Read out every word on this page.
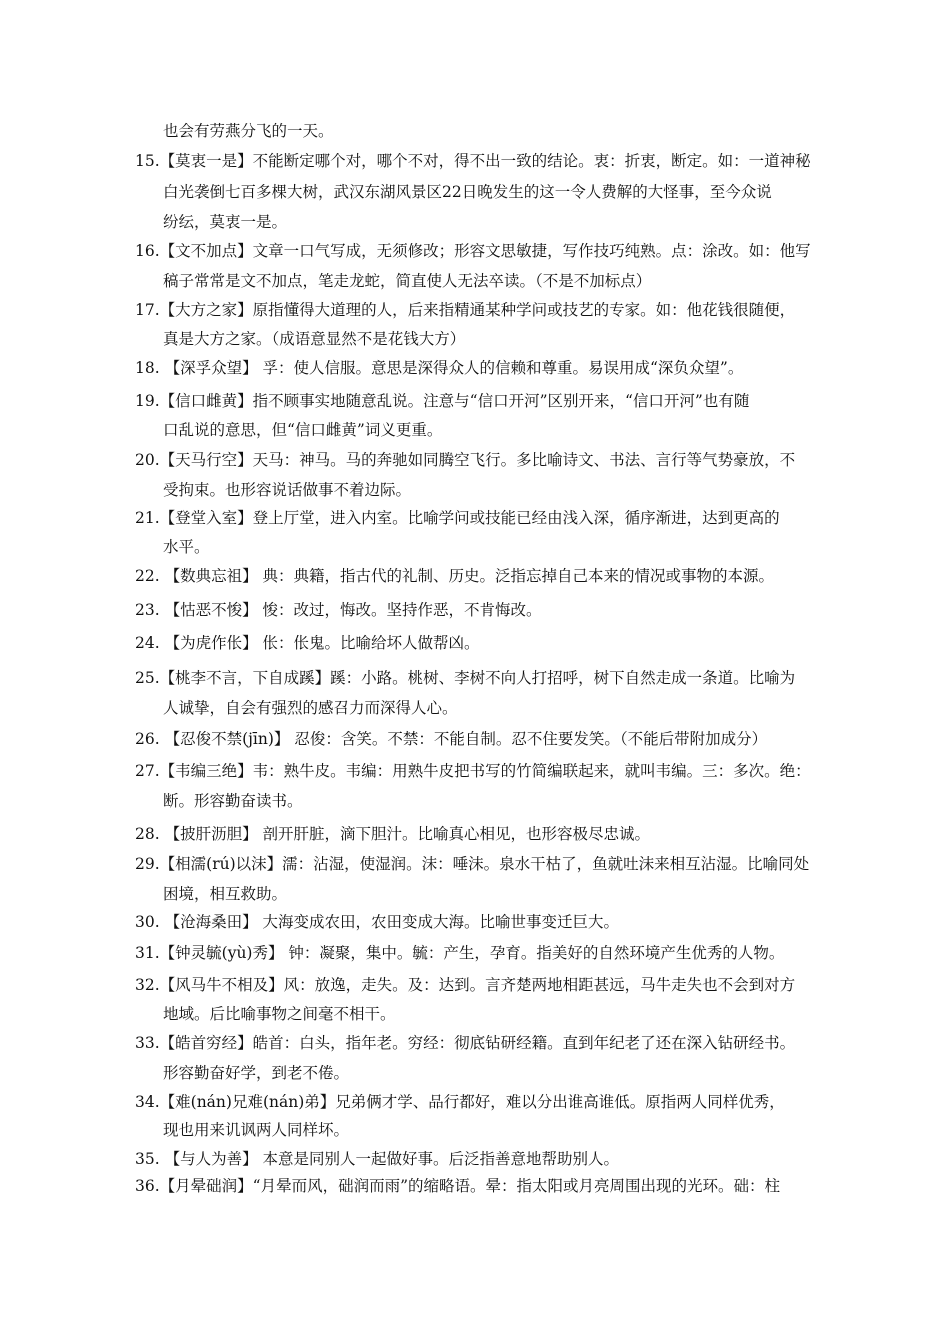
也会有劳燕分飞的一天。
15.【莫衷一是】不能断定哪个对，哪个不对，得不出一致的结论。衷：折衷，断定。如：一道神秘
白光袭倒七百多棵大树，武汉东湖风景区22日晚发生的这一令人费解的大怪事，至今众说
纷纭，莫衷一是。
16.【文不加点】文章一口气写成，无须修改；形容文思敏捷，写作技巧纯熟。点：涂改。如：他写
稿子常常是文不加点，笔走龙蛇，简直使人无法卒读。（不是不加标点）
17.【大方之家】原指懂得大道理的人，后来指精通某种学问或技艺的专家。如：他花钱很随便，
真是大方之家。（成语意显然不是花钱大方）
18. 【深孚众望】 孚：使人信服。意思是深得众人的信赖和尊重。易误用成“深负众望”。
19.【信口雌黄】指不顾事实地随意乱说。注意与“信口开河”区别开来，“信口开河”也有随
口乱说的意思，但“信口雌黄”词义更重。
20.【天马行空】天马：神马。马的奔驰如同腾空飞行。多比喻诗文、书法、言行等气势豪放，不
受拘束。也形容说话做事不着边际。
21.【登堂入室】登上厅堂，进入内室。比喻学问或技能已经由浅入深，循序渐进，达到更高的
水平。
22. 【数典忘祖】 典：典籍，指古代的礼制、历史。泛指忘掉自己本来的情况或事物的本源。
23. 【怙恶不悛】 悛：改过，悔改。坚持作恶，不肯悔改。
24. 【为虎作伥】 伥：伥鬼。比喻给坏人做帮凶。
25.【桃李不言，下自成蹊】蹊：小路。桃树、李树不向人打招呼，树下自然走成一条道。比喻为
人诚挚，自会有强烈的感召力而深得人心。
26. 【忍俊不禁(jīn)】 忍俊：含笑。不禁：不能自制。忍不住要发笑。（不能后带附加成分）
27.【韦编三绝】韦：熟牛皮。韦编：用熟牛皮把书写的竹简编联起来，就叫韦编。三：多次。绝：
断。形容勤奋读书。
28. 【披肝沥胆】 剖开肝脏，滴下胆汁。比喻真心相见，也形容极尽忠诚。
29.【相濡(rú)以沫】濡：沾湿，使湿润。沫：唾沫。泉水干枯了，鱼就吐沫来相互沾湿。比喻同处
困境，相互救助。
30. 【沧海桑田】 大海变成农田，农田变成大海。比喻世事变迁巨大。
31.【钟灵毓(yù)秀】 钟：凝聚，集中。毓：产生，孕育。指美好的自然环境产生优秀的人物。
32.【风马牛不相及】风：放逸，走失。及：达到。言齐楚两地相距甚远，马牛走失也不会到对方
地域。后比喻事物之间毫不相干。
33.【皓首穷经】皓首：白头，指年老。穷经：彻底钻研经籍。直到年纪老了还在深入钻研经书。
形容勤奋好学，到老不倦。
34.【难(nán)兄难(nán)弟】兄弟俩才学、品行都好，难以分出谁高谁低。原指两人同样优秀，
现也用来讥讽两人同样坏。
35. 【与人为善】 本意是同别人一起做好事。后泛指善意地帮助别人。
36.【月晕础润】“月晕而风，础润而雨”的缩略语。晕：指太阳或月亮周围出现的光环。础：柱
